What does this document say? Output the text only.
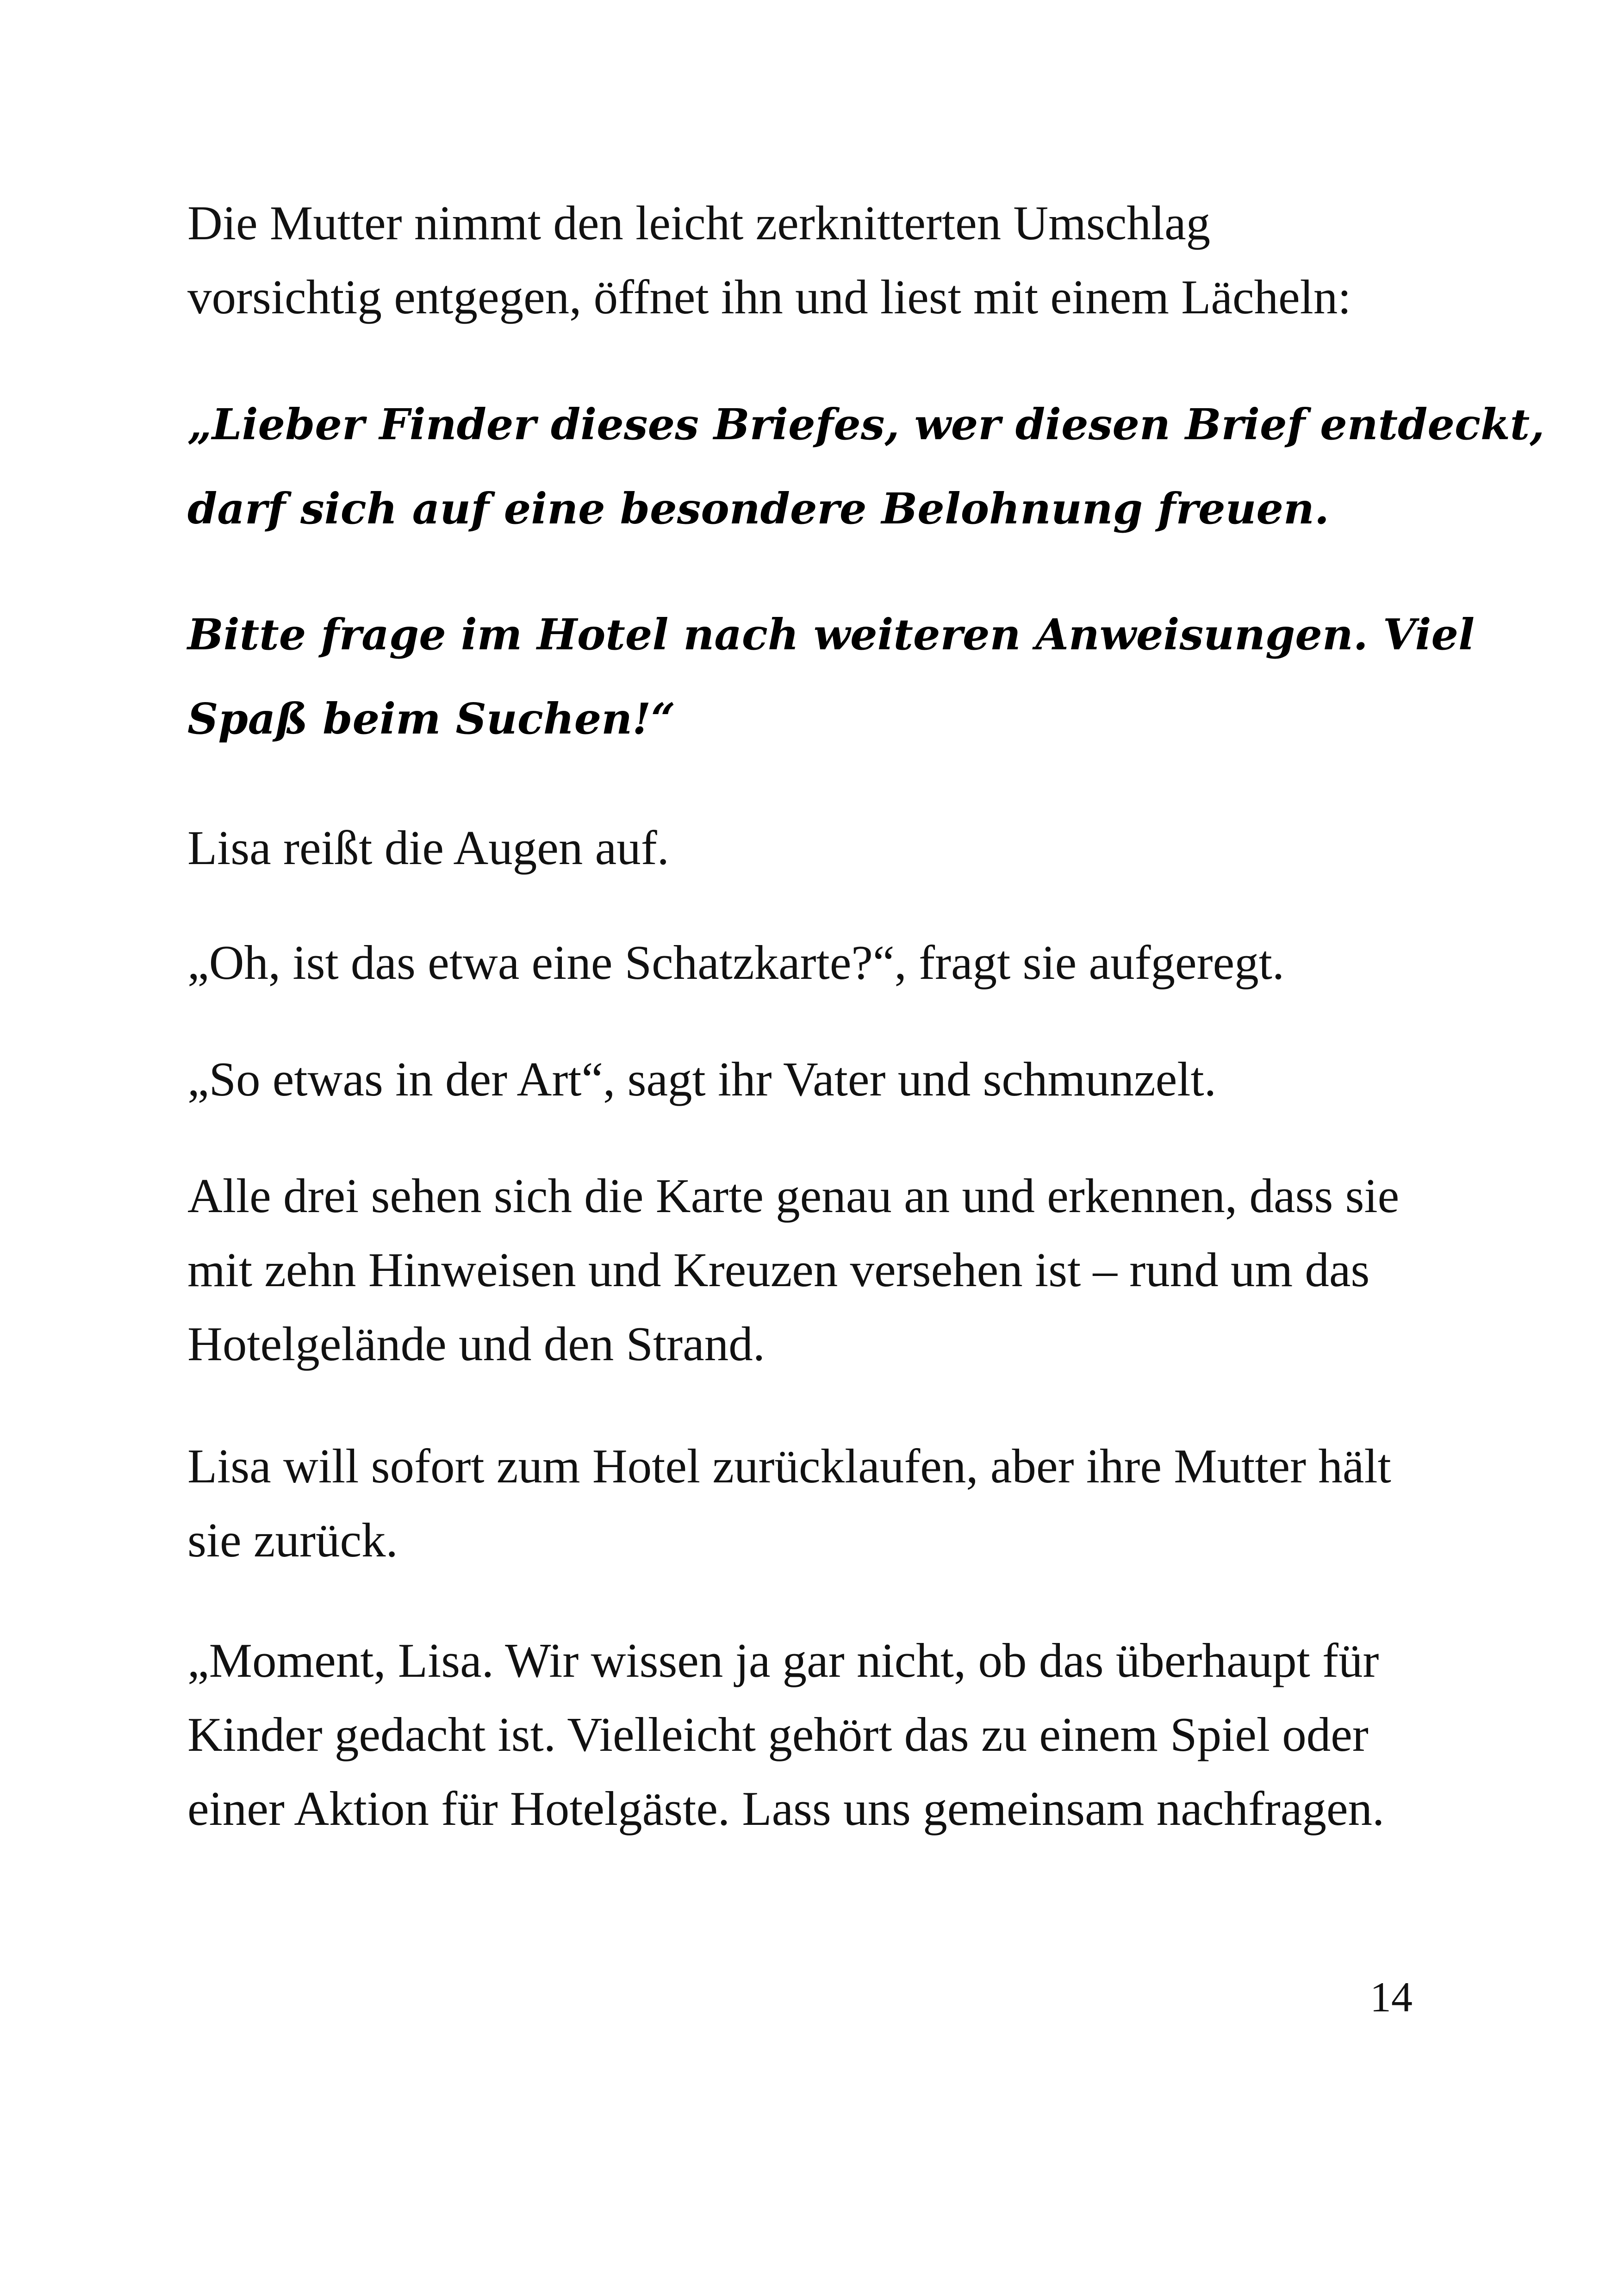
Die Mutter nimmt den leicht zerknitterten Umschlag
vorsichtig entgegen, öffnet ihn und liest mit einem Lächeln:

„Lieber Finder dieses Briefes, wer diesen Brief entdeckt,
darf sich auf eine besondere Belohnung freuen.

Bitte frage im Hotel nach weiteren Anweisungen. Viel
Spaß beim Suchen!“

Lisa reißt die Augen auf.

„Oh, ist das etwa eine Schatzkarte?“, fragt sie aufgeregt.

„So etwas in der Art“, sagt ihr Vater und schmunzelt.

Alle drei sehen sich die Karte genau an und erkennen, dass sie
mit zehn Hinweisen und Kreuzen versehen ist – rund um das
Hotelgelände und den Strand.

Lisa will sofort zum Hotel zurücklaufen, aber ihre Mutter hält
sie zurück.

„Moment, Lisa. Wir wissen ja gar nicht, ob das überhaupt für
Kinder gedacht ist. Vielleicht gehört das zu einem Spiel oder
einer Aktion für Hotelgäste. Lass uns gemeinsam nachfragen.

14
